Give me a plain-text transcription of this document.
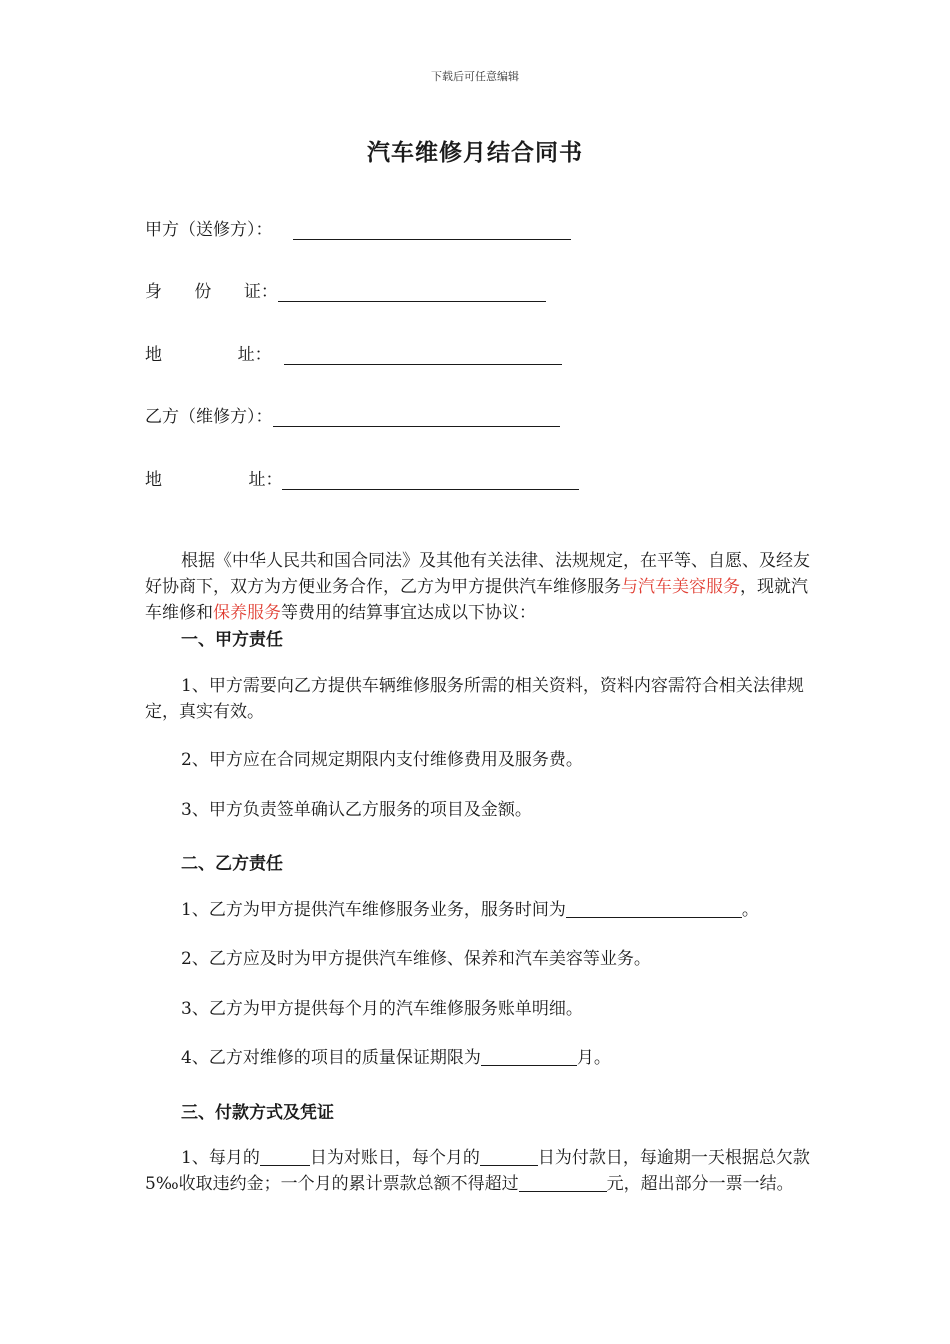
下载后可任意编辑
汽车维修月结合同书
甲方（送修方）：
身      份      证：
地              址：
乙方（维修方）：
地                址：
根据《中华人民共和国合同法》及其他有关法律、法规规定，在平等、自愿、及经友好协商下，双方为方便业务合作，乙方为甲方提供汽车维修服务与汽车美容服务，现就汽车维修和保养服务等费用的结算事宜达成以下协议：
一、甲方责任
1、甲方需要向乙方提供车辆维修服务所需的相关资料，资料内容需符合相关法律规定，真实有效。
2、甲方应在合同规定期限内支付维修费用及服务费。
3、甲方负责签单确认乙方服务的项目及金额。
二、乙方责任
1、乙方为甲方提供汽车维修服务业务，服务时间为	。
2、乙方应及时为甲方提供汽车维修、保养和汽车美容等业务。
3、乙方为甲方提供每个月的汽车维修服务账单明细。
4、乙方对维修的项目的质量保证期限为	月。
三、付款方式及凭证
1、每月的	日为对账日，每个月的	日为付款日，每逾期一天根据总欠款 5‰收取违约金；一个月的累计票款总额不得超过	元，超出部分一票一结。
